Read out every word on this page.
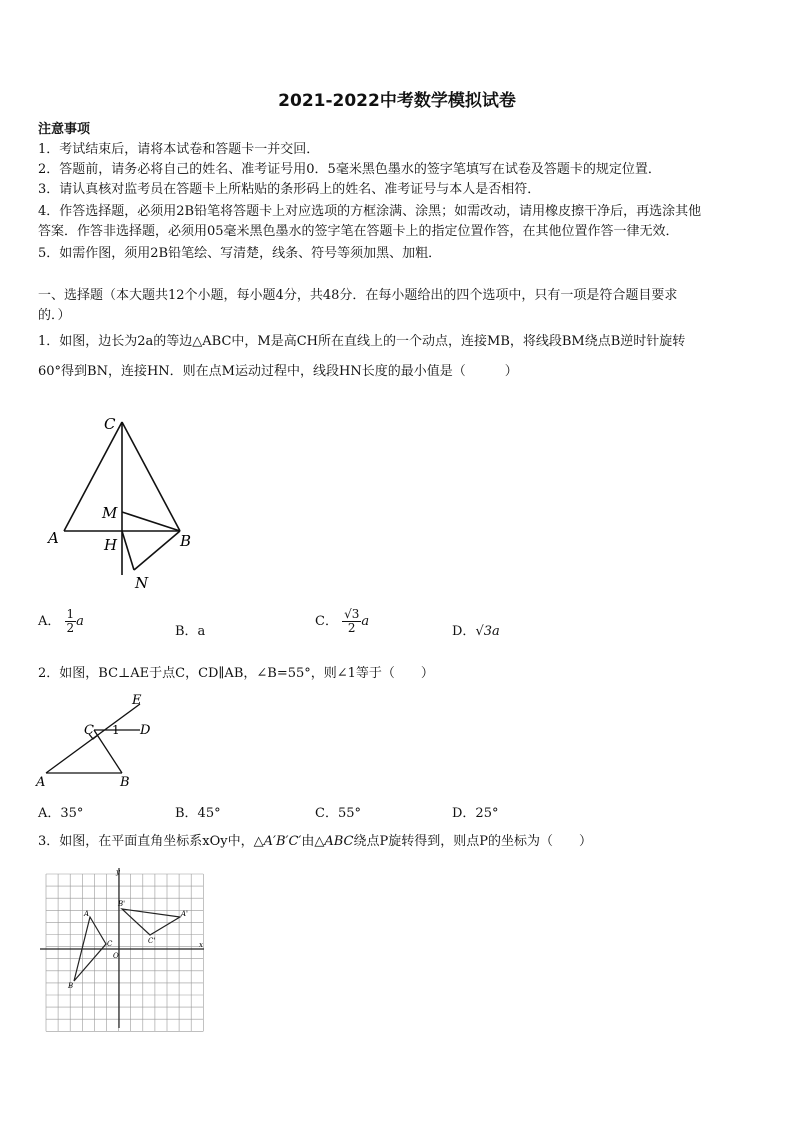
2021-2022中考数学模拟试卷
注意事项
1．考试结束后，请将本试卷和答题卡一并交回．
2．答题前，请务必将自己的姓名、准考证号用0．5毫米黑色墨水的签字笔填写在试卷及答题卡的规定位置．
3．请认真核对监考员在答题卡上所粘贴的条形码上的姓名、准考证号与本人是否相符．
4．作答选择题，必须用2B铅笔将答题卡上对应选项的方框涂满、涂黑；如需改动，请用橡皮擦干净后，再选涂其他
答案．作答非选择题，必须用05毫米黑色墨水的签字笔在答题卡上的指定位置作答，在其他位置作答一律无效．
5．如需作图，须用2B铅笔绘、写清楚，线条、符号等须加黑、加粗．
一、选择题（本大题共12个小题，每小题4分，共48分．在每小题给出的四个选项中，只有一项是符合题目要求
的．）
1．如图，边长为2a的等边△ABC中，M是高CH所在直线上的一个动点，连接MB，将线段BM绕点B逆时针旋转
60°得到BN，连接HN．则在点M运动过程中，线段HN长度的最小值是（　　　）
C
M
A	H	B
N
A． $\frac{1}{2}$ a
B．a
C． $\frac{√3}{2}$ a
D．√3a
2．如图，BC⊥AE于点C，CD∥AB，∠B=55°，则∠1等于（　　）
E
C 1 D
A	B
A．35°	B．45°	C．55°	D．25°
3．如图，在平面直角坐标系xOy中，△A′B′C′由△ABC绕点P旋转得到，则点P的坐标为（　　）
y
x
O
A
B
C
A'
B'
C'
